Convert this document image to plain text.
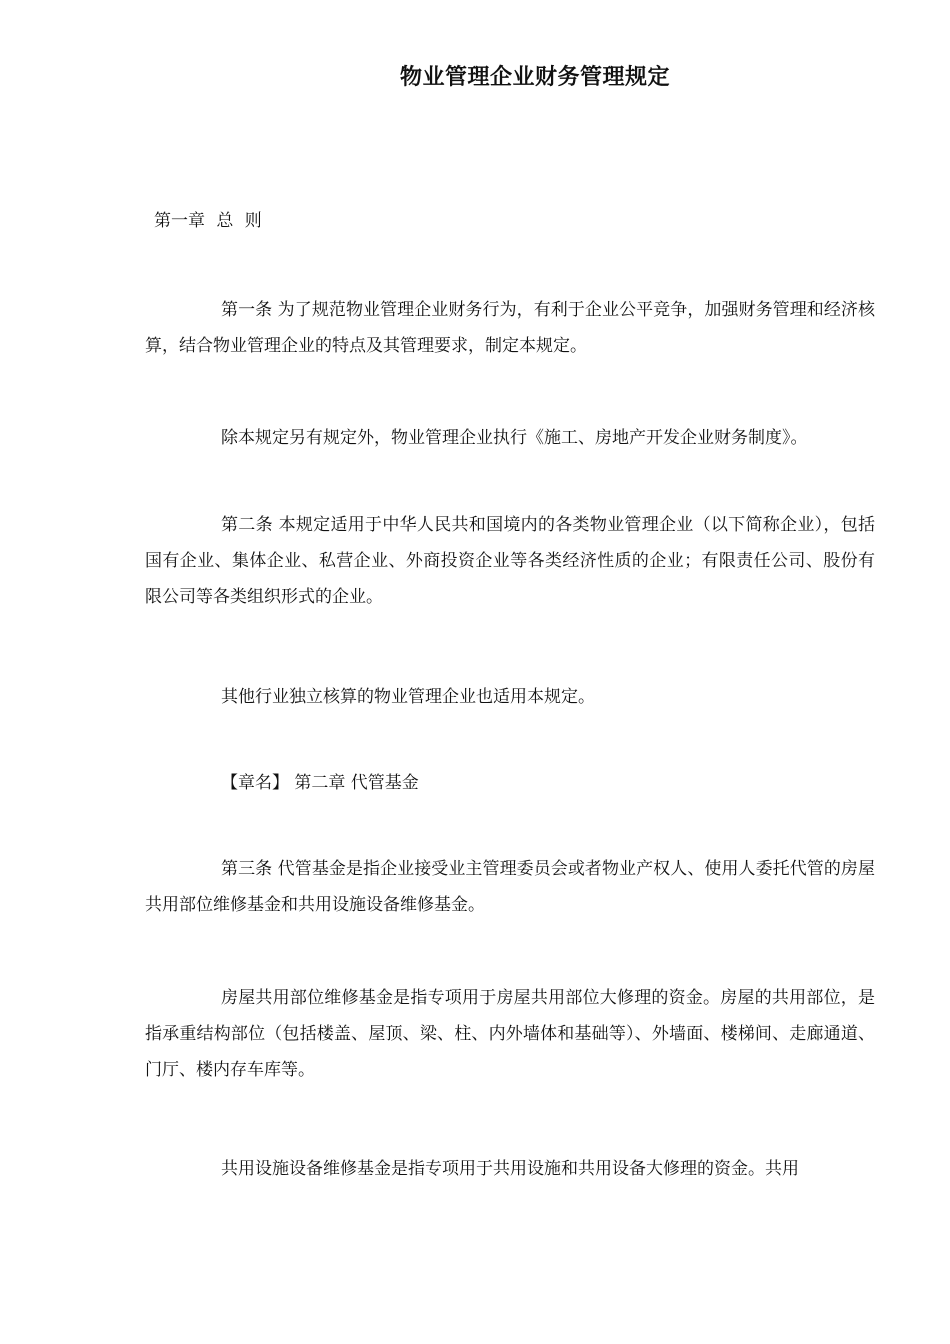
物业管理企业财务管理规定
第一章 总 则

第一条 为了规范物业管理企业财务行为，有利于企业公平竞争，加强财务管理和经济核算，结合物业管理企业的特点及其管理要求，制定本规定。

除本规定另有规定外，物业管理企业执行《施工、房地产开发企业财务制度》。

第二条 本规定适用于中华人民共和国境内的各类物业管理企业（以下简称企业），包括国有企业、集体企业、私营企业、外商投资企业等各类经济性质的企业；有限责任公司、股份有限公司等各类组织形式的企业。

其他行业独立核算的物业管理企业也适用本规定。

【章名】 第二章 代管基金

第三条 代管基金是指企业接受业主管理委员会或者物业产权人、使用人委托代管的房屋共用部位维修基金和共用设施设备维修基金。

房屋共用部位维修基金是指专项用于房屋共用部位大修理的资金。房屋的共用部位，是指承重结构部位（包括楼盖、屋顶、梁、柱、内外墙体和基础等）、外墙面、楼梯间、走廊通道、门厅、楼内存车库等。

共用设施设备维修基金是指专项用于共用设施和共用设备大修理的资金。共用
